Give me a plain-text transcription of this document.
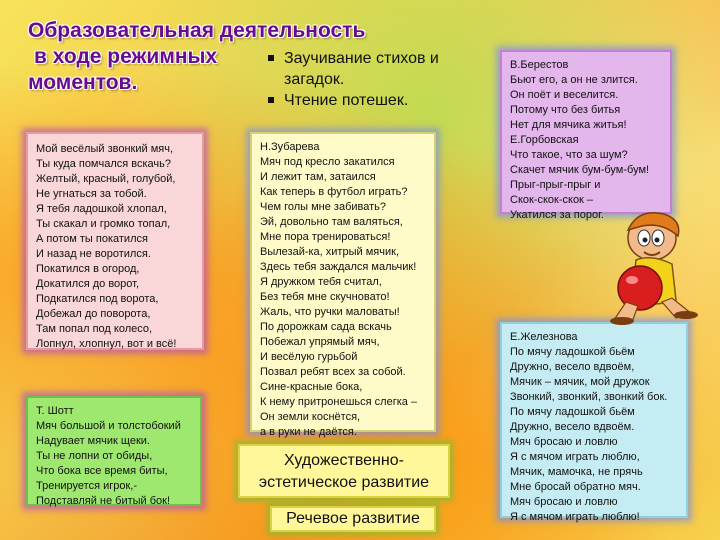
Образовательная деятельность
в ходе режимных
моментов.
Заучивание стихов и загадок.
Чтение потешек.
Мой весёлый звонкий мяч,
Ты куда помчался вскачь?
Желтый, красный, голубой,
Не угнаться за тобой.
Я тебя ладошкой хлопал,
Ты скакал и громко топал,
А потом ты покатился
И назад не воротился.
Покатился в огород,
Докатился до ворот,
Подкатился под ворота,
Добежал до поворота,
Там попал под колесо,
Лопнул, хлопнул, вот и всё!
Н.Зубарева
Мяч под кресло закатился
И лежит там, затаился
Как теперь в футбол играть?
Чем голы мне забивать?
Эй, довольно там валяться,
Мне пора тренироваться!
Вылезай-ка, хитрый мячик,
Здесь тебя заждался мальчик!
Я дружком тебя считал,
Без тебя мне скучновато!
Жаль, что ручки маловаты!
По дорожкам сада вскачь
Побежал упрямый мяч,
И весёлую гурьбой
Позвал ребят всех за собой.
Сине-красные бока,
К нему притронешься слегка –
Он земли коснётся,
а в руки не даётся.
Т. Шотт
Мяч большой и толстобокий
Надувает мячик щеки.
Ты не лопни от обиды,
Что бока все время биты,
Тренируется игрок,-
Подставляй не битый бок!
В.Берестов
Бьют его, а он не злится.
Он поёт и веселится.
Потому что без битья
Нет для мячика житья!
Е.Горбовская
Что такое, что за шум?
Скачет мячик бум-бум-бум!
Прыг-прыг-прыг и
Скок-скок-скок –
Укатился за порог.
Е.Железнова
По мячу ладошкой бьём
Дружно, весело вдвоём,
Мячик – мячик, мой дружок
Звонкий, звонкий, звонкий бок.
По мячу ладошкой бьём
Дружно, весело вдвоём.
Мяч бросаю и ловлю
Я с мячом играть люблю,
Мячик, мамочка, не прячь
Мне бросай обратно мяч.
Мяч бросаю и ловлю
Я с мячом играть люблю!
Художественно-эстетическое развитие
Речевое развитие
